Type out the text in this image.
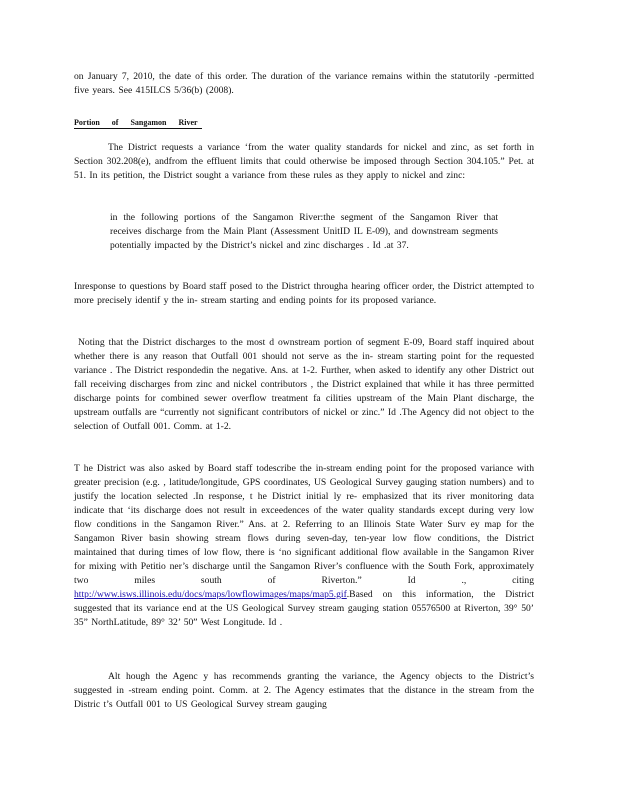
on January 7, 2010, the date of this order. The duration of the variance remains within the statutorily -permitted five years. See 415ILCS 5/36(b) (2008).
Portion of Sangamon River
The District requests a variance ‘from the water quality standards for nickel and zinc, as set forth in Section 302.208(e), andfrom the effluent limits that could otherwise be imposed through Section 304.105.” Pet. at 51. In its petition, the District sought a variance from these rules as they apply to nickel and zinc:
in the following portions of the Sangamon River:the segment of the Sangamon River that receives discharge from the Main Plant (Assessment UnitID IL E-09), and downstream segments potentially impacted by the District’s nickel and zinc discharges . Id .at 37.
Inresponse to questions by Board staff posed to the District througha hearing officer order, the District attempted to more precisely identif y the in- stream starting and ending points for its proposed variance.
Noting that the District discharges to the most d ownstream portion of segment E-09, Board staff inquired about whether there is any reason that Outfall 001 should not serve as the in- stream starting point for the requested variance . The District respondedin the negative. Ans. at 1-2. Further, when asked to identify any other District out fall receiving discharges from zinc and nickel contributors , the District explained that while it has three permitted discharge points for combined sewer overflow treatment fa cilities upstream of the Main Plant discharge, the upstream outfalls are “currently not significant contributors of nickel or zinc.” Id .The Agency did not object to the selection of Outfall 001. Comm. at 1-2.
T he District was also asked by Board staff todescribe the in-stream ending point for the proposed variance with greater precision (e.g. , latitude/longitude, GPS coordinates, US Geological Survey gauging station numbers) and to justify the location selected .In response, t he District initial ly re- emphasized that its river monitoring data indicate that ‘its discharge does not result in exceedences of the water quality standards except during very low flow conditions in the Sangamon River.” Ans. at 2. Referring to an Illinois State Water Surv ey map for the Sangamon River basin showing stream flows during seven-day, ten-year low flow conditions, the District maintained that during times of low flow, there is ‘no significant additional flow available in the Sangamon River for mixing with Petitio ner’s discharge until the Sangamon River’s confluence with the South Fork, approximately two miles south of Riverton.” Id ., citing http://www.isws.illinois.edu/docs/maps/lowflowimages/maps/map5.gif.Based on this information, the District suggested that its variance end at the US Geological Survey stream gauging station 05576500 at Riverton, 39° 50’ 35” NorthLatitude, 89° 32’ 50” West Longitude. Id .
Alt hough the Agenc y has recommends granting the variance, the Agency objects to the District’s suggested in -stream ending point. Comm. at 2. The Agency estimates that the distance in the stream from the Distric t’s Outfall 001 to US Geological Survey stream gauging
